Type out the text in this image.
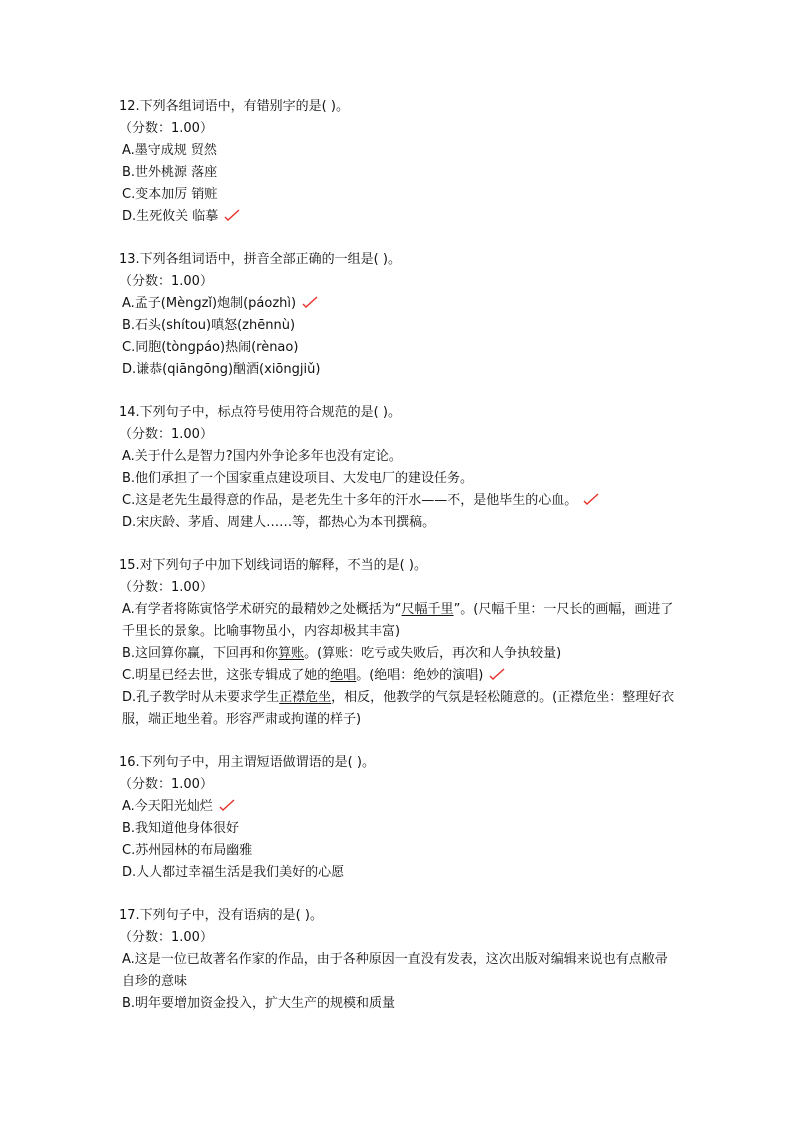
12.下列各组词语中，有错别字的是( )。
（分数：1.00）
A.墨守成规 贸然
B.世外桃源 落座
C.变本加厉 销赃
D.生死攸关 临摹
13.下列各组词语中，拼音全部正确的一组是( )。
（分数：1.00）
A.孟子(Mèngzǐ)炮制(páozhì)
B.石头(shítou)嗔怒(zhēnnù)
C.同胞(tòngpáo)热闹(rènao)
D.谦恭(qiāngōng)酗酒(xiōngjiǔ)
14.下列句子中，标点符号使用符合规范的是( )。
（分数：1.00）
A.关于什么是智力?国内外争论多年也没有定论。
B.他们承担了一个国家重点建设项目、大发电厂的建设任务。
C.这是老先生最得意的作品，是老先生十多年的汗水——不，是他毕生的心血。
D.宋庆龄、茅盾、周建人……等，都热心为本刊撰稿。
15.对下列句子中加下划线词语的解释，不当的是( )。
（分数：1.00）
A.有学者将陈寅恪学术研究的最精妙之处概括为“尺幅千里”。(尺幅千里：一尺长的画幅，画进了千里长的景象。比喻事物虽小，内容却极其丰富)
B.这回算你赢，下回再和你算账。(算账：吃亏或失败后，再次和人争执较量)
C.明星已经去世，这张专辑成了她的绝唱。(绝唱：绝妙的演唱)
D.孔子教学时从未要求学生正襟危坐，相反，他教学的气氛是轻松随意的。(正襟危坐：整理好衣服，端正地坐着。形容严肃或拘谨的样子)
16.下列句子中，用主谓短语做谓语的是( )。
（分数：1.00）
A.今天阳光灿烂
B.我知道他身体很好
C.苏州园林的布局幽雅
D.人人都过幸福生活是我们美好的心愿
17.下列句子中，没有语病的是( )。
（分数：1.00）
A.这是一位已故著名作家的作品，由于各种原因一直没有发表，这次出版对编辑来说也有点敝帚自珍的意味
B.明年要增加资金投入，扩大生产的规模和质量
